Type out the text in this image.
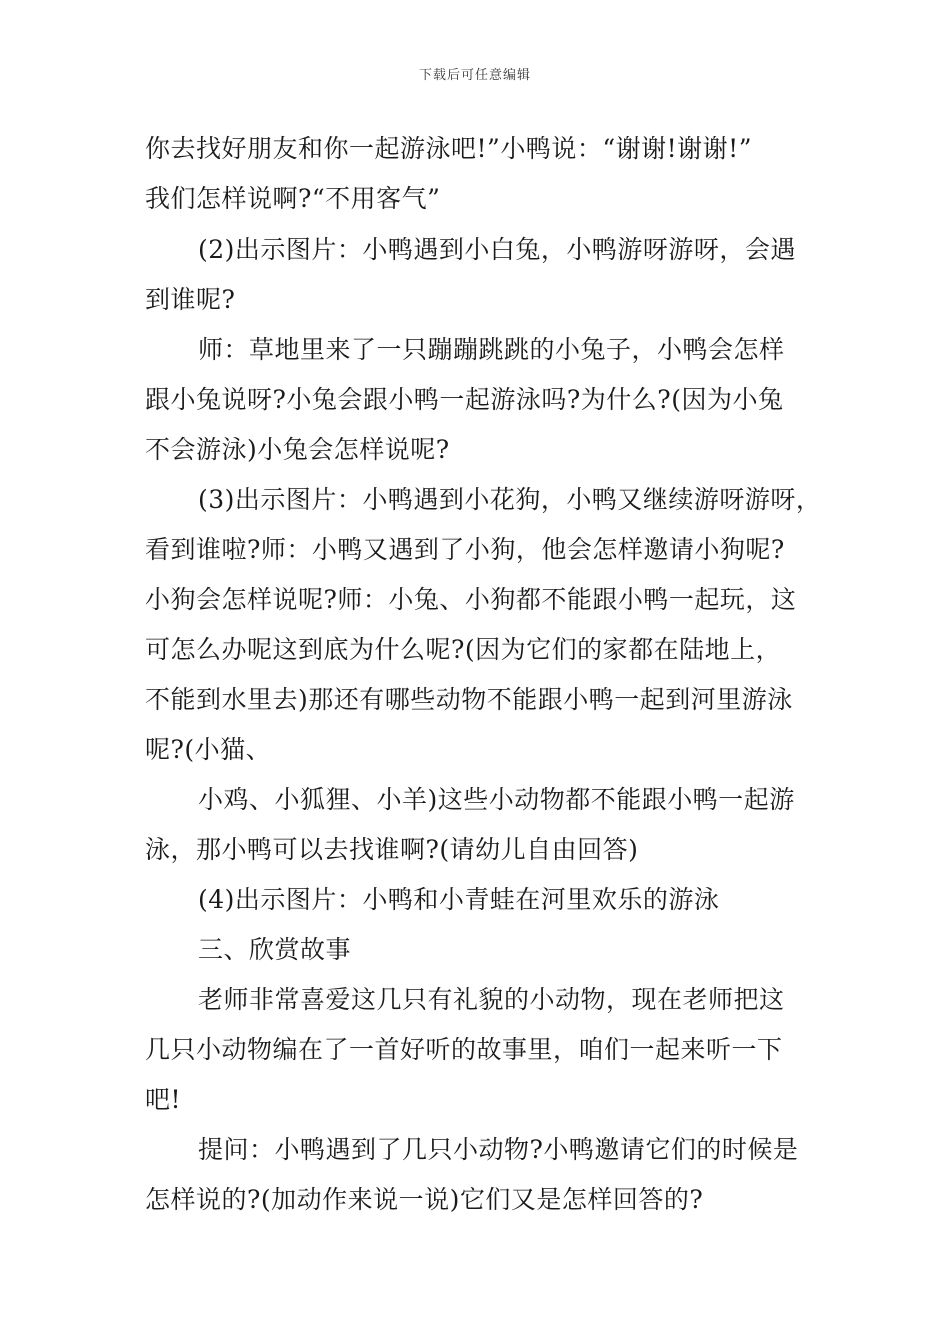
下载后可任意编辑
你去找好朋友和你一起游泳吧!”小鸭说：“谢谢!谢谢!”
我们怎样说啊?“不用客气”
(2)出示图片：小鸭遇到小白兔，小鸭游呀游呀，会遇
到谁呢?
师：草地里来了一只蹦蹦跳跳的小兔子，小鸭会怎样
跟小兔说呀?小兔会跟小鸭一起游泳吗?为什么?(因为小兔
不会游泳)小兔会怎样说呢?
(3)出示图片：小鸭遇到小花狗，小鸭又继续游呀游呀，
看到谁啦?师：小鸭又遇到了小狗，他会怎样邀请小狗呢?
小狗会怎样说呢?师：小兔、小狗都不能跟小鸭一起玩，这
可怎么办呢这到底为什么呢?(因为它们的家都在陆地上，
不能到水里去)那还有哪些动物不能跟小鸭一起到河里游泳
呢?(小猫、
小鸡、小狐狸、小羊)这些小动物都不能跟小鸭一起游
泳，那小鸭可以去找谁啊?(请幼儿自由回答)
(4)出示图片：小鸭和小青蛙在河里欢乐的游泳
三、欣赏故事
老师非常喜爱这几只有礼貌的小动物，现在老师把这
几只小动物编在了一首好听的故事里，咱们一起来听一下
吧!
提问：小鸭遇到了几只小动物?小鸭邀请它们的时候是
怎样说的?(加动作来说一说)它们又是怎样回答的?
